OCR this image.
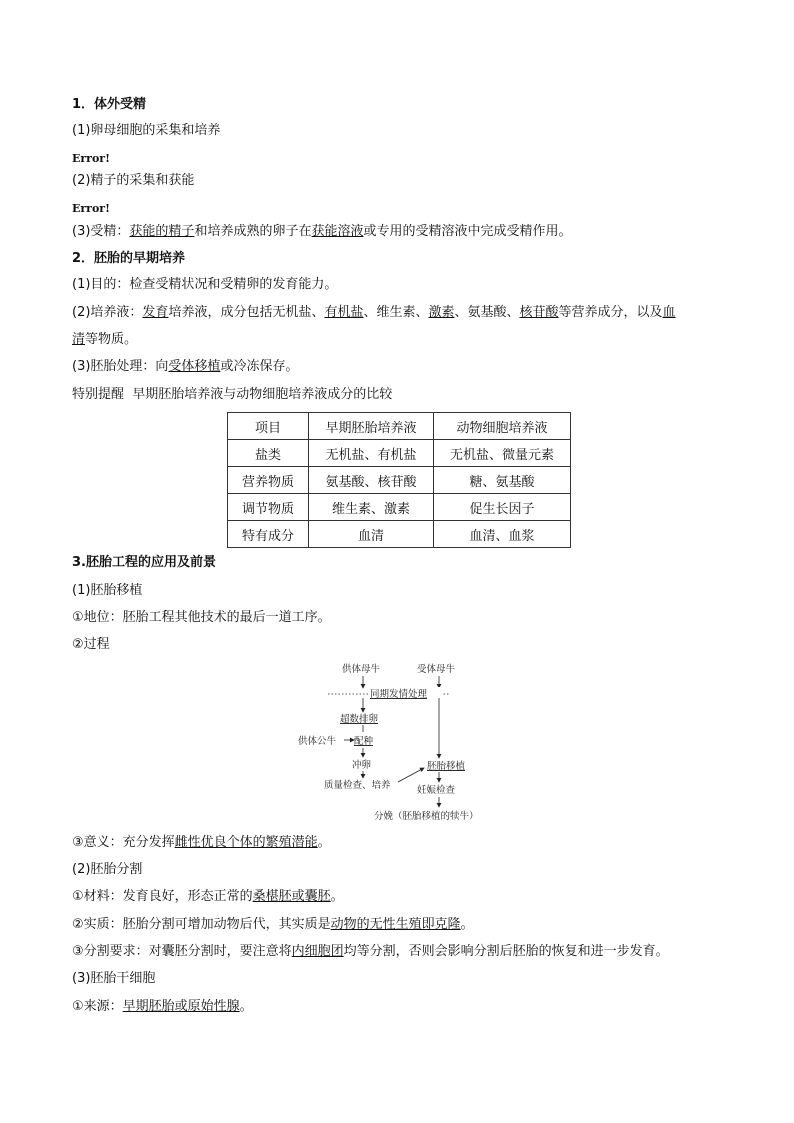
1．体外受精
(1)卵母细胞的采集和培养
Error!
(2)精子的采集和获能
Error!
(3)受精：获能的精子和培养成熟的卵子在获能溶液或专用的受精溶液中完成受精作用。
2．胚胎的早期培养
(1)目的：检查受精状况和受精卵的发育能力。
(2)培养液：发育培养液，成分包括无机盐、有机盐、维生素、激素、氨基酸、核苷酸等营养成分，以及血
清等物质。
(3)胚胎处理：向受体移植或冷冻保存。
特别提醒 早期胚胎培养液与动物细胞培养液成分的比较
项目	早期胚胎培养液	动物细胞培养液
盐类	无机盐、有机盐	无机盐、微量元素
营养物质	氨基酸、核苷酸	糖、氨基酸
调节物质	维生素、激素	促生长因子
特有成分	血清	血清、血浆
3.胚胎工程的应用及前景
(1)胚胎移植
①地位：胚胎工程其他技术的最后一道工序。
②过程
供体母牛	受体母牛
同期发情处理
超数排卵
供体公牛 配种
冲卵
质量检查、培养
胚胎移植
妊娠检查
分娩（胚胎移植的犊牛）
③意义：充分发挥雌性优良个体的繁殖潜能。
(2)胚胎分割
①材料：发育良好，形态正常的桑椹胚或囊胚。
②实质：胚胎分割可增加动物后代，其实质是动物的无性生殖即克隆。
③分割要求：对囊胚分割时，要注意将内细胞团均等分割，否则会影响分割后胚胎的恢复和进一步发育。
(3)胚胎干细胞
①来源：早期胚胎或原始性腺。
